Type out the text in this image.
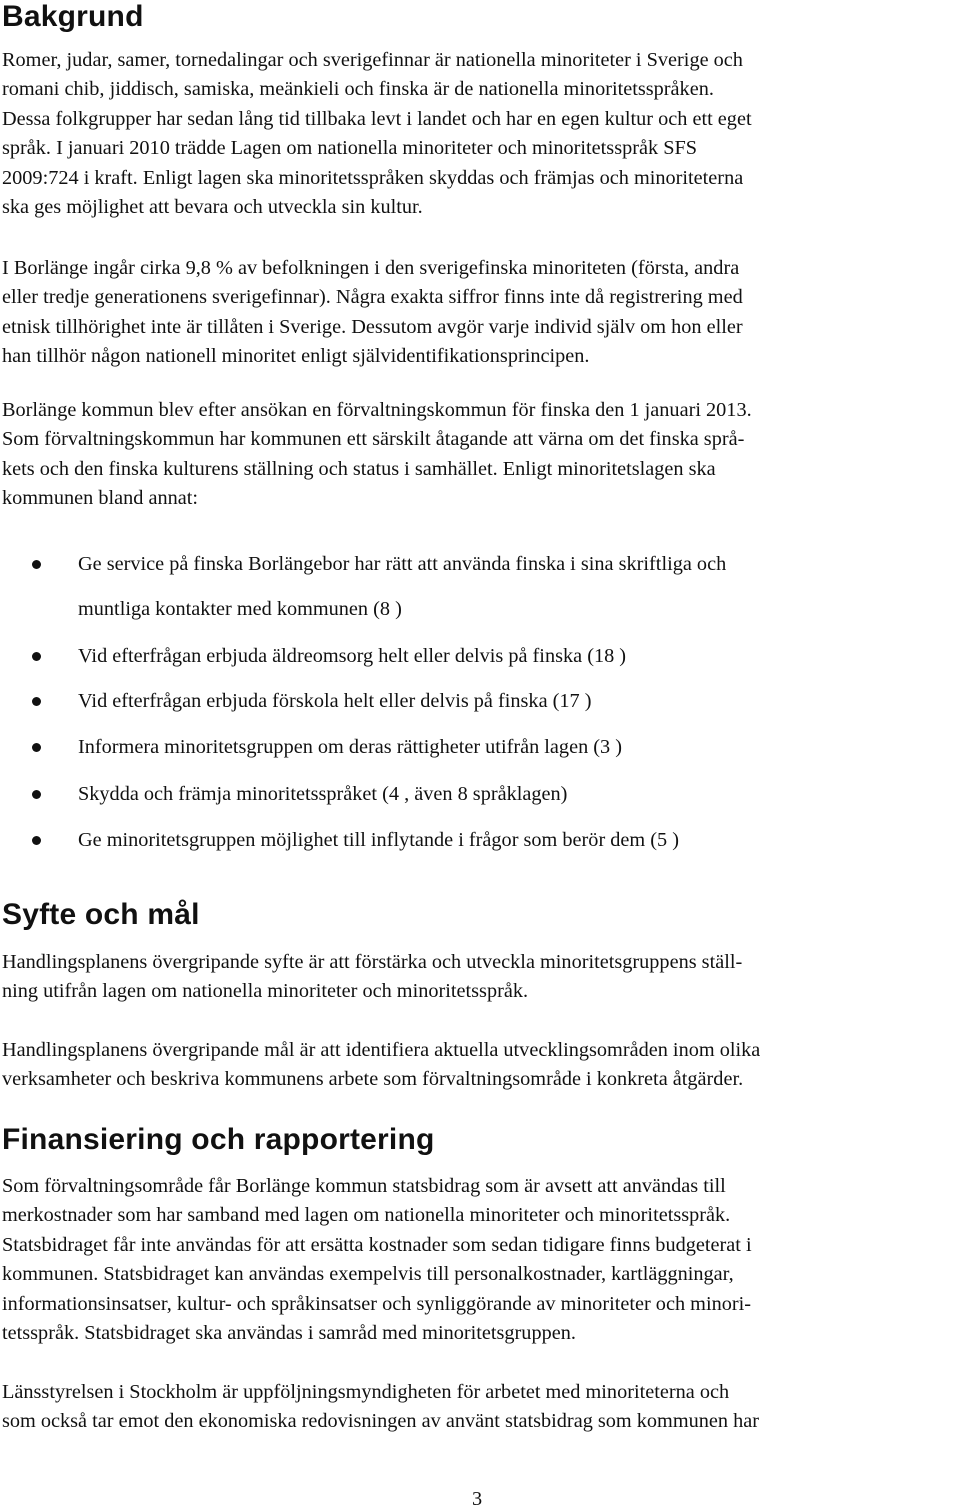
Bakgrund

Romer, judar, samer, tornedalingar och sverigefinnar är nationella minoriteter i Sverige och
romani chib, jiddisch, samiska, meänkieli och finska är de nationella minoritetsspråken.
Dessa folkgrupper har sedan lång tid tillbaka levt i landet och har en egen kultur och ett eget
språk. I januari 2010 trädde Lagen om nationella minoriteter och minoritetsspråk SFS
2009:724 i kraft. Enligt lagen ska minoritetsspråken skyddas och främjas och minoriteterna
ska ges möjlighet att bevara och utveckla sin kultur.

I Borlänge ingår cirka 9,8 % av befolkningen i den sverigefinska minoriteten (första, andra
eller tredje generationens sverigefinnar). Några exakta siffror finns inte då registrering med
etnisk tillhörighet inte är tillåten i Sverige. Dessutom avgör varje individ själv om hon eller
han tillhör någon nationell minoritet enligt självidentifikationsprincipen.

Borlänge kommun blev efter ansökan en förvaltningskommun för finska den 1 januari 2013.
Som förvaltningskommun har kommunen ett särskilt åtagande att värna om det finska språ-
kets och den finska kulturens ställning och status i samhället. Enligt minoritetslagen ska
kommunen bland annat:

Ge service på finska Borlängebor har rätt att använda finska i sina skriftliga och
muntliga kontakter med kommunen (8 )
Vid efterfrågan erbjuda äldreomsorg helt eller delvis på finska (18 )
Vid efterfrågan erbjuda förskola helt eller delvis på finska (17 )
Informera minoritetsgruppen om deras rättigheter utifrån lagen (3 )
Skydda och främja minoritetsspråket (4 , även 8 språklagen)
Ge minoritetsgruppen möjlighet till inflytande i frågor som berör dem (5 )
Syfte och mål

Handlingsplanens övergripande syfte är att förstärka och utveckla minoritetsgruppens ställ-
ning utifrån lagen om nationella minoriteter och minoritetsspråk.

Handlingsplanens övergripande mål är att identifiera aktuella utvecklingsområden inom olika
verksamheter och beskriva kommunens arbete som förvaltningsområde i konkreta åtgärder.

Finansiering och rapportering

Som förvaltningsområde får Borlänge kommun statsbidrag som är avsett att användas till
merkostnader som har samband med lagen om nationella minoriteter och minoritetsspråk.
Statsbidraget får inte användas för att ersätta kostnader som sedan tidigare finns budgeterat i
kommunen. Statsbidraget kan användas exempelvis till personalkostnader, kartläggningar,
informationsinsatser, kultur- och språkinsatser och synliggörande av minoriteter och minori-
tetsspråk. Statsbidraget ska användas i samråd med minoritetsgruppen.

Länsstyrelsen i Stockholm är uppföljningsmyndigheten för arbetet med minoriteterna och
som också tar emot den ekonomiska redovisningen av använt statsbidrag som kommunen har

3
